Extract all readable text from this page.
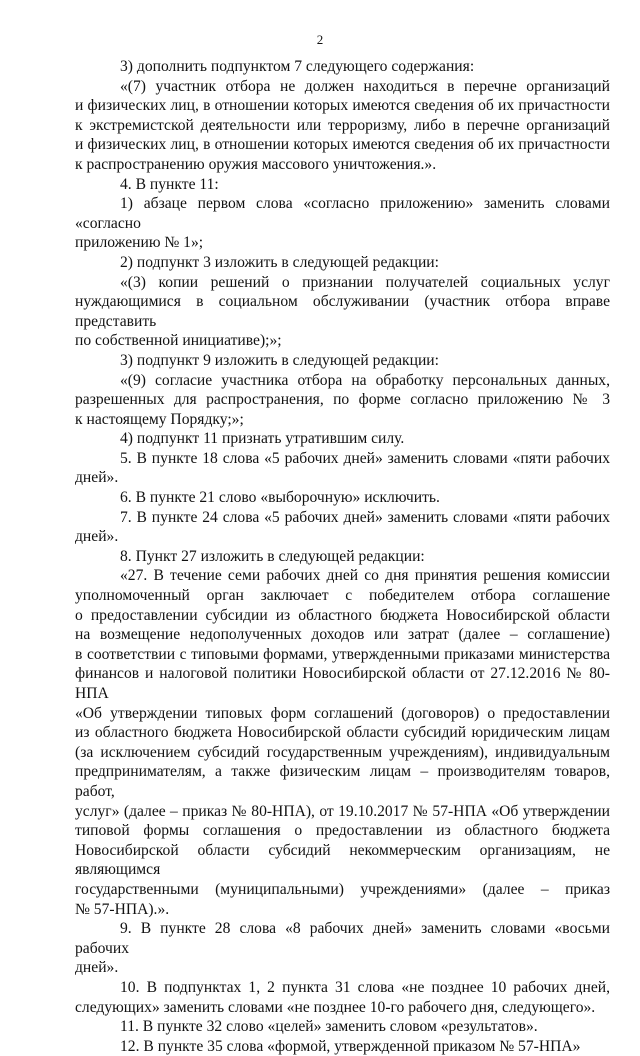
2
3) дополнить подпунктом 7 следующего содержания:
«(7) участник отбора не должен находиться в перечне организаций
и физических лиц, в отношении которых имеются сведения об их причастности
к экстремистской деятельности или терроризму, либо в перечне организаций
и физических лиц, в отношении которых имеются сведения об их причастности
к распространению оружия массового уничтожения.».
4. В пункте 11:
1) абзаце первом слова «согласно приложению» заменить словами «согласно
приложению № 1»;
2) подпункт 3 изложить в следующей редакции:
«(3) копии решений о признании получателей социальных услуг
нуждающимися в социальном обслуживании (участник отбора вправе представить
по собственной инициативе);»;
3) подпункт 9 изложить в следующей редакции:
«(9) согласие участника отбора на обработку персональных данных,
разрешенных для распространения, по форме согласно приложению № 3
к настоящему Порядку;»;
4) подпункт 11 признать утратившим силу.
5. В пункте 18 слова «5 рабочих дней» заменить словами «пяти рабочих
дней».
6. В пункте 21 слово «выборочную» исключить.
7. В пункте 24 слова «5 рабочих дней» заменить словами «пяти рабочих
дней».
8. Пункт 27 изложить в следующей редакции:
«27. В течение семи рабочих дней со дня принятия решения комиссии
уполномоченный орган заключает с победителем отбора соглашение
о предоставлении субсидии из областного бюджета Новосибирской области
на возмещение недополученных доходов или затрат (далее – соглашение)
в соответствии с типовыми формами, утвержденными приказами министерства
финансов и налоговой политики Новосибирской области от 27.12.2016 № 80-НПА
«Об утверждении типовых форм соглашений (договоров) о предоставлении
из областного бюджета Новосибирской области субсидий юридическим лицам
(за исключением субсидий государственным учреждениям), индивидуальным
предпринимателям, а также физическим лицам – производителям товаров, работ,
услуг» (далее – приказ № 80-НПА), от 19.10.2017 № 57-НПА «Об утверждении
типовой формы соглашения о предоставлении из областного бюджета
Новосибирской области субсидий некоммерческим организациям, не являющимся
государственными (муниципальными) учреждениями» (далее – приказ
№ 57-НПА).».
9. В пункте 28 слова «8 рабочих дней» заменить словами «восьми рабочих
дней».
10. В подпунктах 1, 2 пункта 31 слова «не позднее 10 рабочих дней,
следующих» заменить словами «не позднее 10-го рабочего дня, следующего».
11. В пункте 32 слово «целей» заменить словом «результатов».
12. В пункте 35 слова «формой, утвержденной приказом № 57-НПА»
